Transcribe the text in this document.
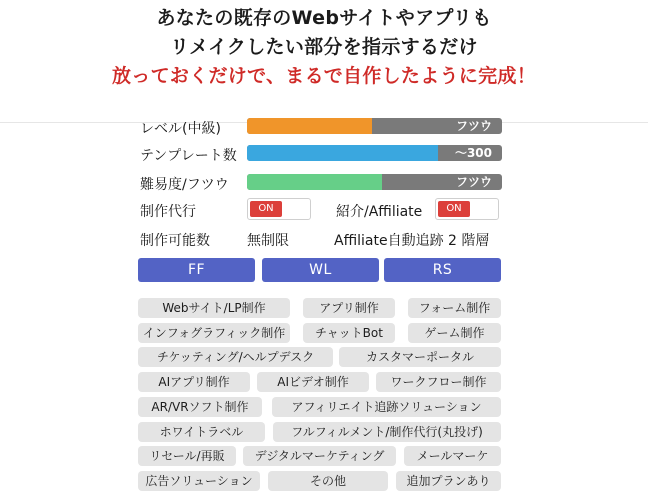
あなたの既存のWebサイトやアプリも
リメイクしたい部分を指示するだけ
放っておくだけで、まるで自作したように完成！
レベル(中級)	フツウ
テンプレート数	〜300
難易度/フツウ	フツウ
制作代行	ON	紹介/Affiliate	ON
制作可能数	無制限	Affiliate自動追跡 2 階層
FF	WL	RS
Webサイト/LP制作	アプリ制作	フォーム制作
インフォグラフィック制作	チャットBot	ゲーム制作
チケッティング/ヘルプデスク	カスタマーポータル
AIアプリ制作	AIビデオ制作	ワークフロー制作
AR/VRソフト制作	アフィリエイト追跡ソリューション
ホワイトラベル	フルフィルメント/制作代行(丸投げ)
リセール/再販	デジタルマーケティング	メールマーケ
広告ソリューション	その他	追加プランあり
